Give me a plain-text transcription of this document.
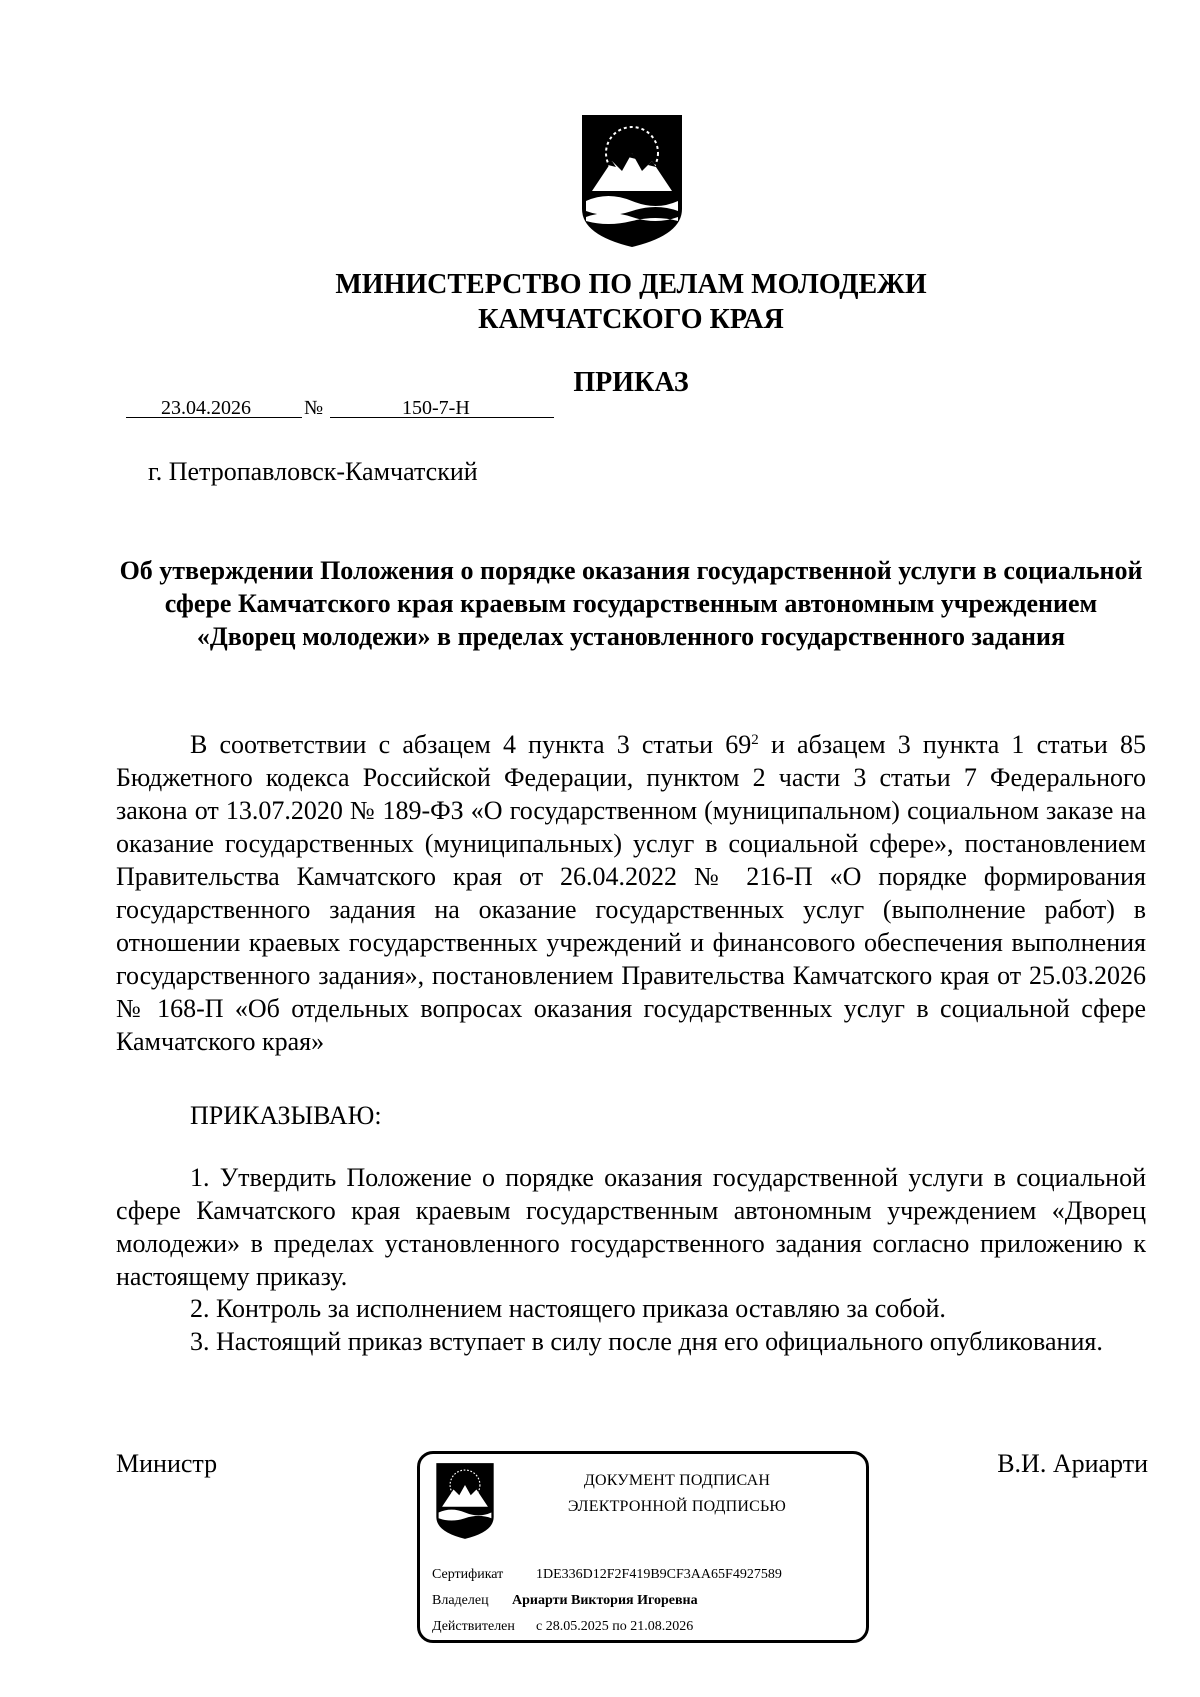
МИНИСТЕРСТВО ПО ДЕЛАМ МОЛОДЕЖИ
КАМЧАТСКОГО КРАЯ
ПРИКАЗ
23.04.2026	№	150-7-Н
г. Петропавловск-Камчатский
Об утверждении Положения о порядке оказания государственной услуги в социальной сфере Камчатского края краевым государственным автономным учреждением «Дворец молодежи» в пределах установленного государственного задания
В соответствии с абзацем 4 пункта 3 статьи $69^2$ и абзацем 3 пункта 1 статьи 85 Бюджетного кодекса Российской Федерации, пунктом 2 части 3 статьи 7 Федерального закона от 13.07.2020 № 189-ФЗ «О государственном (муниципальном) социальном заказе на оказание государственных (муниципальных) услуг в социальной сфере», постановлением Правительства Камчатского края от 26.04.2022 № 216-П «О порядке формирования государственного задания на оказание государственных услуг (выполнение работ) в отношении краевых государственных учреждений и финансового обеспечения выполнения государственного задания», постановлением Правительства Камчатского края от 25.03.2026 № 168-П «Об отдельных вопросах оказания государственных услуг в социальной сфере Камчатского края»
ПРИКАЗЫВАЮ:
1. Утвердить Положение о порядке оказания государственной услуги в социальной сфере Камчатского края краевым государственным автономным учреждением «Дворец молодежи» в пределах установленного государственного задания согласно приложению к настоящему приказу.
2. Контроль за исполнением настоящего приказа оставляю за собой.
3. Настоящий приказ вступает в силу после дня его официального опубликования.
Министр	В.И. Ариарти
ДОКУМЕНТ ПОДПИСАН
ЭЛЕКТРОННОЙ ПОДПИСЬЮ
Сертификат 1DE336D12F2F419B9CF3AA65F4927589
Владелец Ариарти Виктория Игоревна
Действителен с 28.05.2025 по 21.08.2026
